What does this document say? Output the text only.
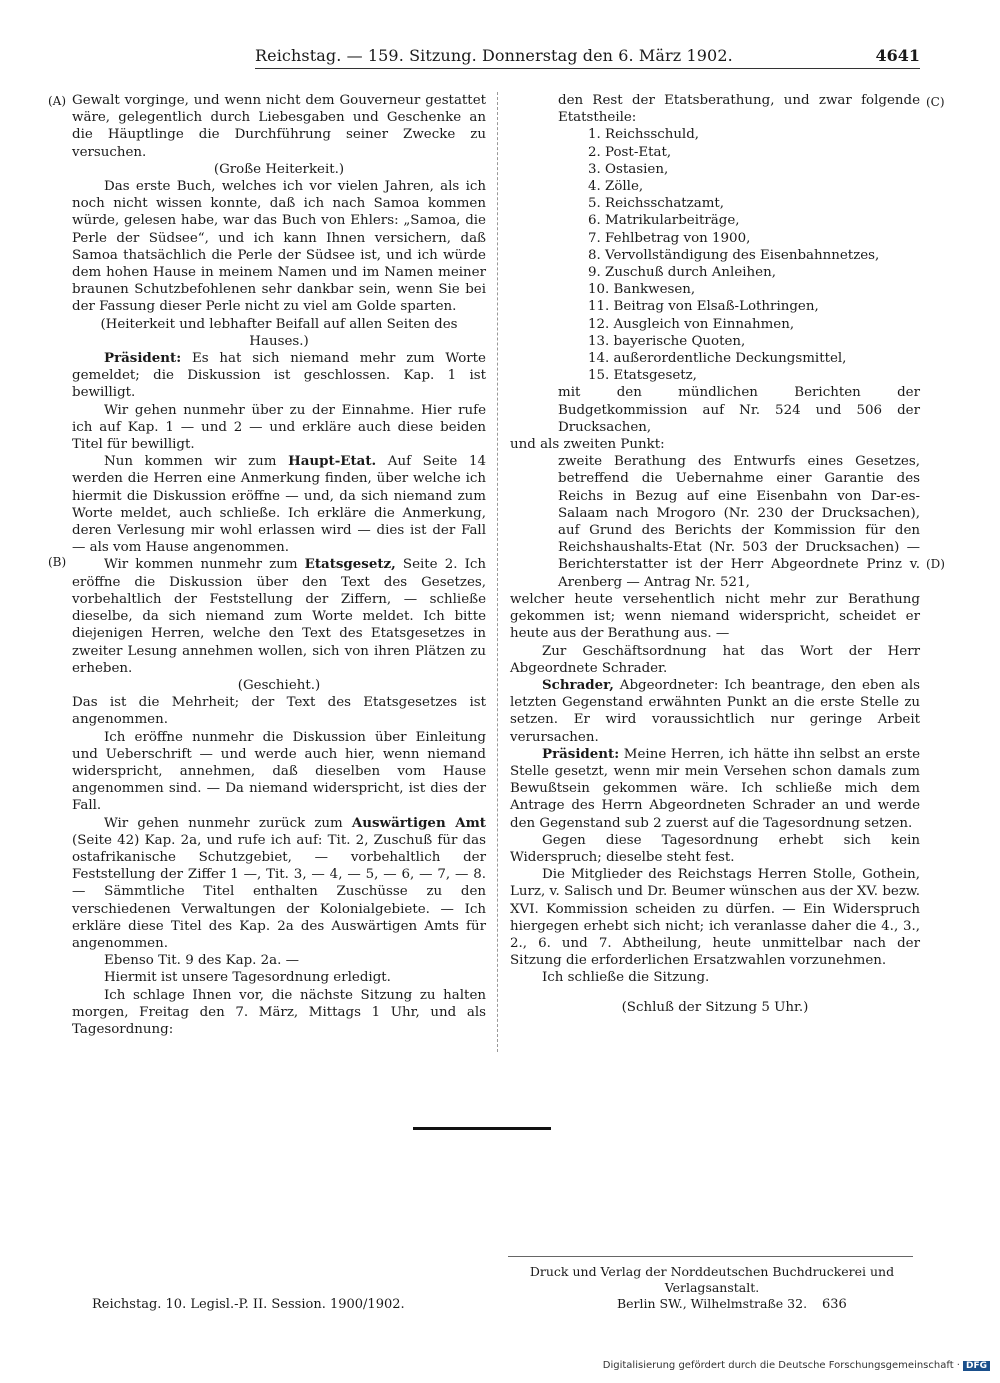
Reichstag. — 159. Sitzung. Donnerstag den 6. März 1902.	4641
(A)
(B)
(C)
(D)

Gewalt vorginge, und wenn nicht dem Gouverneur gestattet wäre, gelegentlich durch Liebesgaben und Geschenke an die Häuptlinge die Durchführung seiner Zwecke zu versuchen.

(Große Heiterkeit.)

Das erste Buch, welches ich vor vielen Jahren, als ich noch nicht wissen konnte, daß ich nach Samoa kommen würde, gelesen habe, war das Buch von Ehlers: „Samoa, die Perle der Südsee“, und ich kann Ihnen versichern, daß Samoa thatsächlich die Perle der Südsee ist, und ich würde dem hohen Hause in meinem Namen und im Namen meiner braunen Schutzbefohlenen sehr dankbar sein, wenn Sie bei der Fassung dieser Perle nicht zu viel am Golde sparten.

(Heiterkeit und lebhafter Beifall auf allen Seiten des Hauses.)

Präsident: Es hat sich niemand mehr zum Worte gemeldet; die Diskussion ist geschlossen. Kap. 1 ist bewilligt.

Wir gehen nunmehr über zu der Einnahme. Hier rufe ich auf Kap. 1 — und 2 — und erkläre auch diese beiden Titel für bewilligt.

Nun kommen wir zum Haupt-Etat. Auf Seite 14 werden die Herren eine Anmerkung finden, über welche ich hiermit die Diskussion eröffne — und, da sich niemand zum Worte meldet, auch schließe. Ich erkläre die Anmerkung, deren Verlesung mir wohl erlassen wird — dies ist der Fall — als vom Hause angenommen.

Wir kommen nunmehr zum Etatsgesetz, Seite 2. Ich eröffne die Diskussion über den Text des Gesetzes, vorbehaltlich der Feststellung der Ziffern, — schließe dieselbe, da sich niemand zum Worte meldet. Ich bitte diejenigen Herren, welche den Text des Etatsgesetzes in zweiter Lesung annehmen wollen, sich von ihren Plätzen zu erheben.

(Geschieht.)

Das ist die Mehrheit; der Text des Etatsgesetzes ist angenommen.

Ich eröffne nunmehr die Diskussion über Einleitung und Ueberschrift — und werde auch hier, wenn niemand widerspricht, annehmen, daß dieselben vom Hause angenommen sind. — Da niemand widerspricht, ist dies der Fall.

Wir gehen nunmehr zurück zum Auswärtigen Amt (Seite 42) Kap. 2a, und rufe ich auf: Tit. 2, Zuschuß für das ostafrikanische Schutzgebiet, — vorbehaltlich der Feststellung der Ziffer 1 —, Tit. 3, — 4, — 5, — 6, — 7, — 8. — Sämmtliche Titel enthalten Zuschüsse zu den verschiedenen Verwaltungen der Kolonialgebiete. — Ich erkläre diese Titel des Kap. 2a des Auswärtigen Amts für angenommen.

Ebenso Tit. 9 des Kap. 2a. —

Hiermit ist unsere Tagesordnung erledigt.

Ich schlage Ihnen vor, die nächste Sitzung zu halten morgen, Freitag den 7. März, Mittags 1 Uhr, und als Tagesordnung:

den Rest der Etatsberathung, und zwar folgende Etatstheile:

1. Reichsschuld,
2. Post-Etat,
3. Ostasien,
4. Zölle,
5. Reichsschatzamt,
6. Matrikularbeiträge,
7. Fehlbetrag von 1900,
8. Vervollständigung des Eisenbahnnetzes,
9. Zuschuß durch Anleihen,
10. Bankwesen,
11. Beitrag von Elsaß-Lothringen,
12. Ausgleich von Einnahmen,
13. bayerische Quoten,
14. außerordentliche Deckungsmittel,
15. Etatsgesetz,

mit den mündlichen Berichten der Budgetkommission auf Nr. 524 und 506 der Drucksachen,

und als zweiten Punkt:

zweite Berathung des Entwurfs eines Gesetzes, betreffend die Uebernahme einer Garantie des Reichs in Bezug auf eine Eisenbahn von Dar-es-Salaam nach Mrogoro (Nr. 230 der Drucksachen), auf Grund des Berichts der Kommission für den Reichshaushalts-Etat (Nr. 503 der Drucksachen) — Berichterstatter ist der Herr Abgeordnete Prinz v. Arenberg — Antrag Nr. 521,

welcher heute versehentlich nicht mehr zur Berathung gekommen ist; wenn niemand widerspricht, scheidet er heute aus der Berathung aus. —

Zur Geschäftsordnung hat das Wort der Herr Abgeordnete Schrader.

Schrader, Abgeordneter: Ich beantrage, den eben als letzten Gegenstand erwähnten Punkt an die erste Stelle zu setzen. Er wird voraussichtlich nur geringe Arbeit verursachen.

Präsident: Meine Herren, ich hätte ihn selbst an erste Stelle gesetzt, wenn mir mein Versehen schon damals zum Bewußtsein gekommen wäre. Ich schließe mich dem Antrage des Herrn Abgeordneten Schrader an und werde den Gegenstand sub 2 zuerst auf die Tagesordnung setzen.

Gegen diese Tagesordnung erhebt sich kein Widerspruch; dieselbe steht fest.

Die Mitglieder des Reichstags Herren Stolle, Gothein, Lurz, v. Salisch und Dr. Beumer wünschen aus der XV. bezw. XVI. Kommission scheiden zu dürfen. — Ein Widerspruch hiergegen erhebt sich nicht; ich veranlasse daher die 4., 3., 2., 6. und 7. Abtheilung, heute unmittelbar nach der Sitzung die erforderlichen Ersatzwahlen vorzunehmen.

Ich schließe die Sitzung.

(Schluß der Sitzung 5 Uhr.)

Druck und Verlag der Norddeutschen Buchdruckerei und Verlagsanstalt.
Berlin SW., Wilhelmstraße 32.
Reichstag. 10. Legisl.-P. II. Session. 1900/1902.	636
Digitalisierung gefördert durch die Deutsche Forschungsgemeinschaft · DFG
